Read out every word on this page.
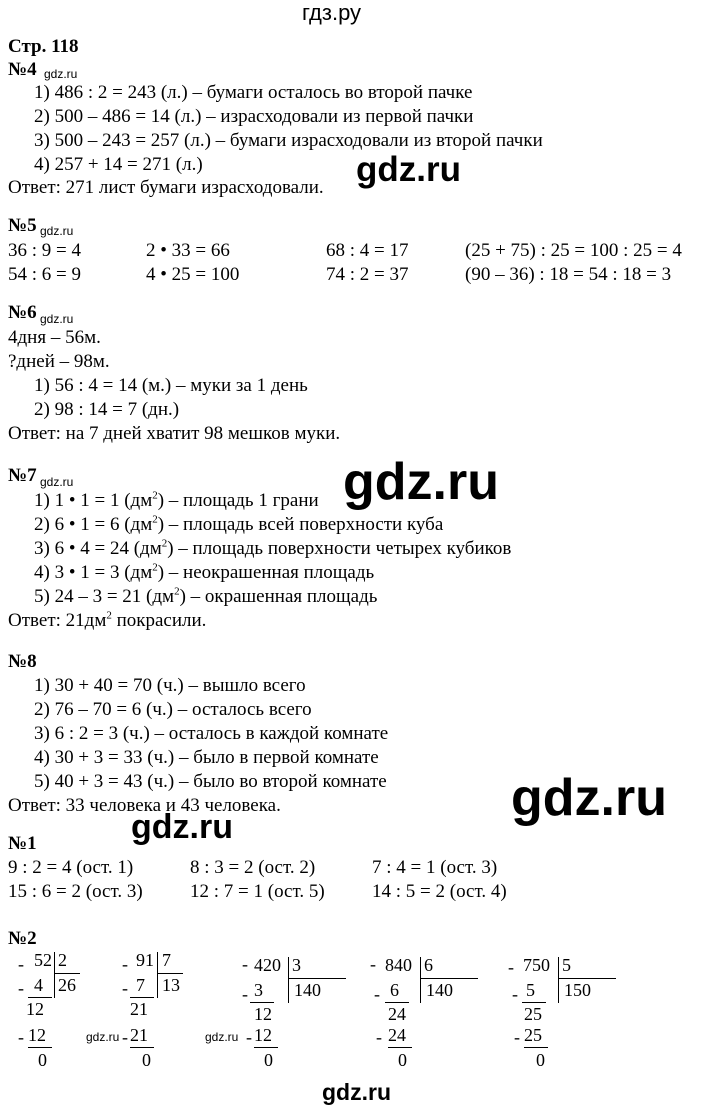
гдз.ру
Стр. 118
№4 gdz.ru
1) 486 : 2 = 243 (л.) – бумаги осталось во второй пачке
2) 500 – 486 = 14 (л.) – израсходовали из первой пачки
3) 500 – 243 = 257 (л.) – бумаги израсходовали из второй пачки
4) 257 + 14 = 271 (л.)
Ответ: 271 лист бумаги израсходовали. gdz.ru
№5 gdz.ru
36 : 9 = 4	2 • 33 = 66	68 : 4 = 17	(25 + 75) : 25 = 100 : 25 = 4
54 : 6 = 9	4 • 25 = 100	74 : 2 = 37	(90 – 36) : 18 = 54 : 18 = 3
№6 gdz.ru
4дня – 56м.
?дней – 98м.
1) 56 : 4 = 14 (м.) – муки за 1 день
2) 98 : 14 = 7 (дн.)
Ответ: на 7 дней хватит 98 мешков муки.
№7 gdz.ru
1) 1 • 1 = 1 $(дм^2)$ – площадь 1 грани
2) 6 • 1 = 6 $(дм^2)$ – площадь всей поверхности куба
3) 6 • 4 = 24 $(дм^2)$ – площадь поверхности четырех кубиков
4) 3 • 1 = 3 $(дм^2)$ – неокрашенная площадь
5) 24 – 3 = 21 $(дм^2)$ – окрашенная площадь
Ответ: $21дм^2$ покрасили.
gdz.ru
№8
1) 30 + 40 = 70 (ч.) – вышло всего
2) 76 – 70 = 6 (ч.) – осталось всего
3) 6 : 2 = 3 (ч.) – осталось в каждой комнате
4) 30 + 3 = 33 (ч.) – было в первой комнате
5) 40 + 3 = 43 (ч.) – было во второй комнате
Ответ: 33 человека и 43 человека.	gdz.ru
gdz.ru
№1
9 : 2 = 4 (ост. 1)	8 : 3 = 2 (ост. 2)	7 : 4 = 1 (ост. 3)
15 : 6 = 2 (ост. 3) 12 : 7 = 1 (ост. 5) 14 : 5 = 2 (ост. 4)
№2
- 52 2
26
- 4
12
- 12
0
- 91 7
13
- 7
21
- 21
0
- 420 3
140
- 3
12
- 12
0
- 840 6
140
- 6
24
- 24
0
- 750 5
150
- 5
25
- 25
0
gdz.ru	gdz.ru
gdz.ru
